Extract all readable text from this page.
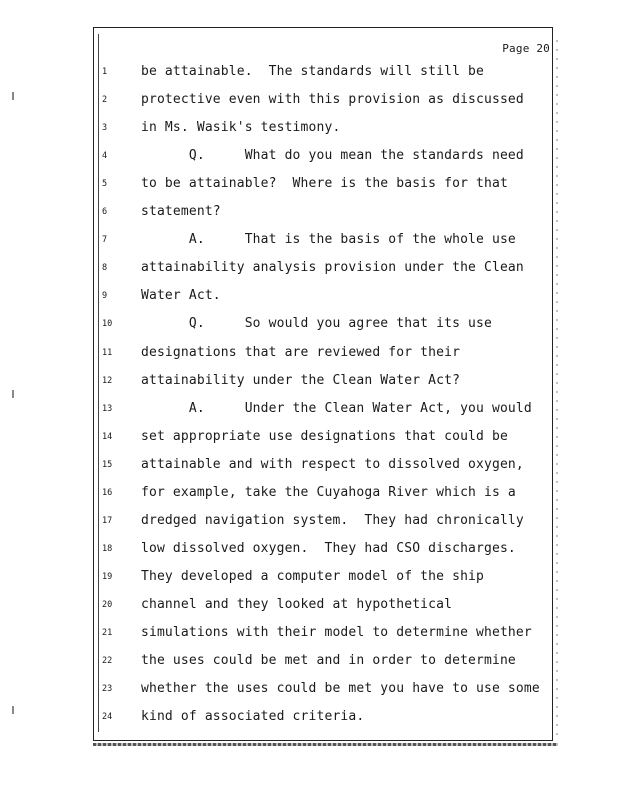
Page 20
1	be attainable.  The standards will still be
2	protective even with this provision as discussed
3	in Ms. Wasik's testimony.
4	Q.     What do you mean the standards need
5	to be attainable?  Where is the basis for that
6	statement?
7	A.     That is the basis of the whole use
8	attainability analysis provision under the Clean
9	Water Act.
10	Q.     So would you agree that its use
11	designations that are reviewed for their
12	attainability under the Clean Water Act?
13	A.     Under the Clean Water Act, you would
14	set appropriate use designations that could be
15	attainable and with respect to dissolved oxygen,
16	for example, take the Cuyahoga River which is a
17	dredged navigation system.  They had chronically
18	low dissolved oxygen.  They had CSO discharges.
19	They developed a computer model of the ship
20	channel and they looked at hypothetical
21	simulations with their model to determine whether
22	the uses could be met and in order to determine
23	whether the uses could be met you have to use some
24	kind of associated criteria.
